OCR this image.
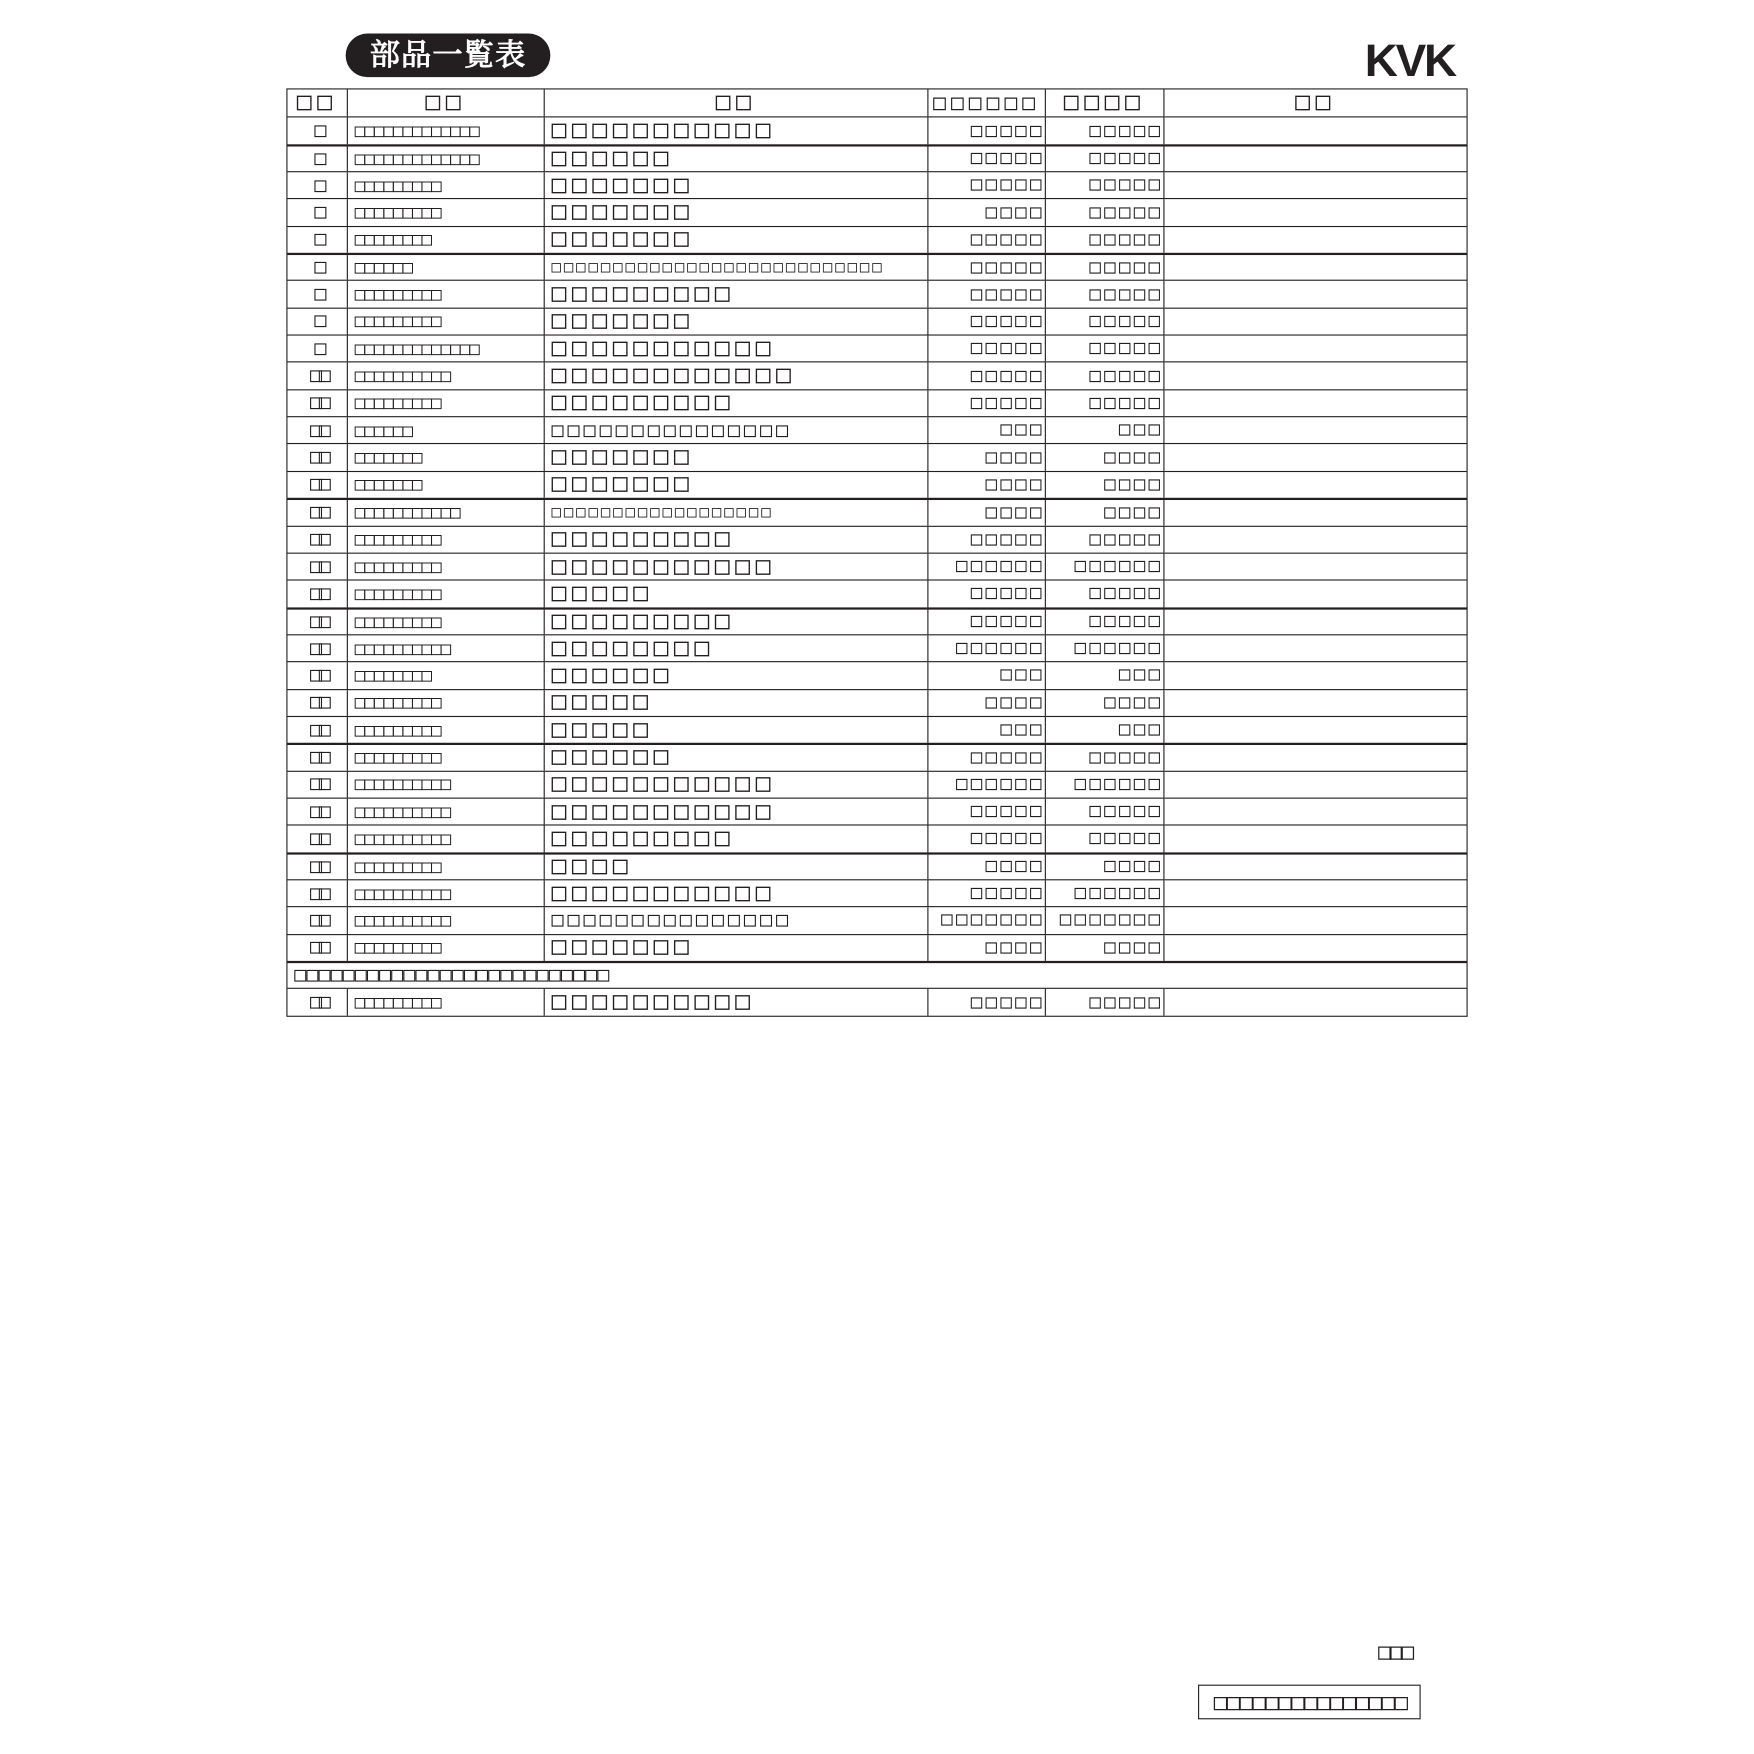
部品一覧表	KVK
□□	□□	□□	□□□□□□	□□□□	□□
□	□□□□□□□□□□□□□	□□□□□□□□□□□	□□□□□	□□□□□
□	□□□□□□□□□□□□□	□□□□□□	□□□□□	□□□□□
□	□□□□□□□□□	□□□□□□□	□□□□□	□□□□□
□	□□□□□□□□□	□□□□□□□	□□□□	□□□□□
□	□□□□□□□□	□□□□□□□	□□□□□	□□□□□
□	□□□□□□	□□□□□□□□□□□□□□□□□□□□□□□□□□□	□□□□□	□□□□□
□	□□□□□□□□□	□□□□□□□□□	□□□□□	□□□□□
□	□□□□□□□□□	□□□□□□□	□□□□□	□□□□□
□	□□□□□□□□□□□□□	□□□□□□□□□□□	□□□□□	□□□□□
□□	□□□□□□□□□□	□□□□□□□□□□□□	□□□□□	□□□□□
□□	□□□□□□□□□	□□□□□□□□□	□□□□□	□□□□□
□□	□□□□□□	□□□□□□□□□□□□□□□	□□□	□□□
□□	□□□□□□□	□□□□□□□	□□□□	□□□□
□□	□□□□□□□	□□□□□□□	□□□□	□□□□
□□	□□□□□□□□□□□	□□□□□□□□□□□□□□□□□□	□□□□	□□□□
□□	□□□□□□□□□	□□□□□□□□□	□□□□□	□□□□□
□□	□□□□□□□□□	□□□□□□□□□□□	□□□□□□	□□□□□□
□□	□□□□□□□□□	□□□□□	□□□□□	□□□□□
□□	□□□□□□□□□	□□□□□□□□□	□□□□□	□□□□□
□□	□□□□□□□□□□	□□□□□□□□	□□□□□□	□□□□□□
□□	□□□□□□□□	□□□□□□	□□□	□□□
□□	□□□□□□□□□	□□□□□	□□□□	□□□□
□□	□□□□□□□□□	□□□□□	□□□	□□□
□□	□□□□□□□□□	□□□□□□	□□□□□	□□□□□
□□	□□□□□□□□□□	□□□□□□□□□□□	□□□□□□	□□□□□□
□□	□□□□□□□□□□	□□□□□□□□□□□	□□□□□	□□□□□
□□	□□□□□□□□□□	□□□□□□□□□	□□□□□	□□□□□
□□	□□□□□□□□□	□□□□	□□□□	□□□□
□□	□□□□□□□□□□	□□□□□□□□□□□	□□□□□	□□□□□□
□□	□□□□□□□□□□	□□□□□□□□□□□□□□□	□□□□□□□ □□□□□□□
□□	□□□□□□□□□	□□□□□□□	□□□□	□□□□
□□□□□□□□□□□□□□□□□□□□□□□□□□
□□	□□□□□□□□□	□□□□□□□□□□	□□□□□	□□□□□
□□□
□□□□□□□□□□□□□□□
